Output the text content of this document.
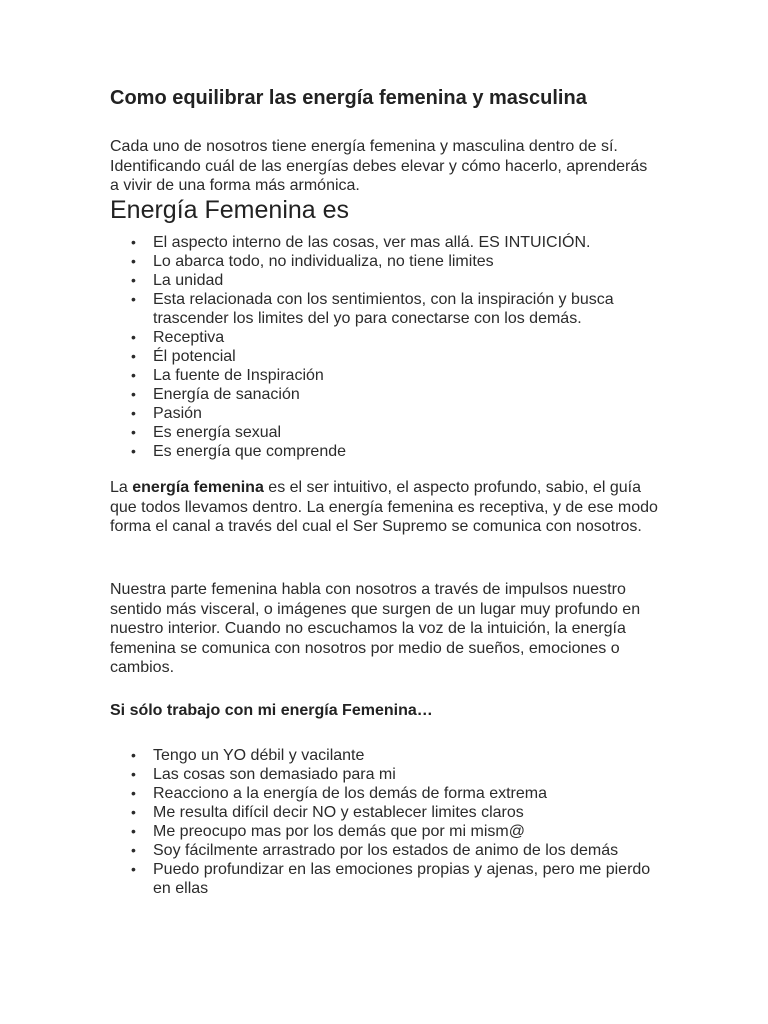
Como equilibrar las energía femenina y masculina

Cada uno de nosotros tiene energía femenina y masculina dentro de sí. Identificando cuál de las energías debes elevar y cómo hacerlo, aprenderás a vivir de una forma más armónica.

Energía Femenina es
• El aspecto interno de las cosas, ver mas allá. ES INTUICIÓN.
• Lo abarca todo, no individualiza, no tiene limites
• La unidad
• Esta relacionada con los sentimientos, con la inspiración y busca trascender los limites del yo para conectarse con los demás.
• Receptiva
• Él potencial
• La fuente de Inspiración
• Energía de sanación
• Pasión
• Es energía sexual
• Es energía que comprende

La energía femenina es el ser intuitivo, el aspecto profundo, sabio, el guía que todos llevamos dentro. La energía femenina es receptiva, y de ese modo forma el canal a través del cual el Ser Supremo se comunica con nosotros.

Nuestra parte femenina habla con nosotros a través de impulsos nuestro sentido más visceral, o imágenes que surgen de un lugar muy profundo en nuestro interior. Cuando no escuchamos la voz de la intuición, la energía femenina se comunica con nosotros por medio de sueños, emociones o cambios.

Si sólo trabajo con mi energía Femenina…
• Tengo un YO débil y vacilante
• Las cosas son demasiado para mi
• Reacciono a la energía de los demás de forma extrema
• Me resulta difícil decir NO y establecer limites claros
• Me preocupo mas por los demás que por mi mism@
• Soy fácilmente arrastrado por los estados de animo de los demás
• Puedo profundizar en las emociones propias y ajenas, pero me pierdo en ellas
